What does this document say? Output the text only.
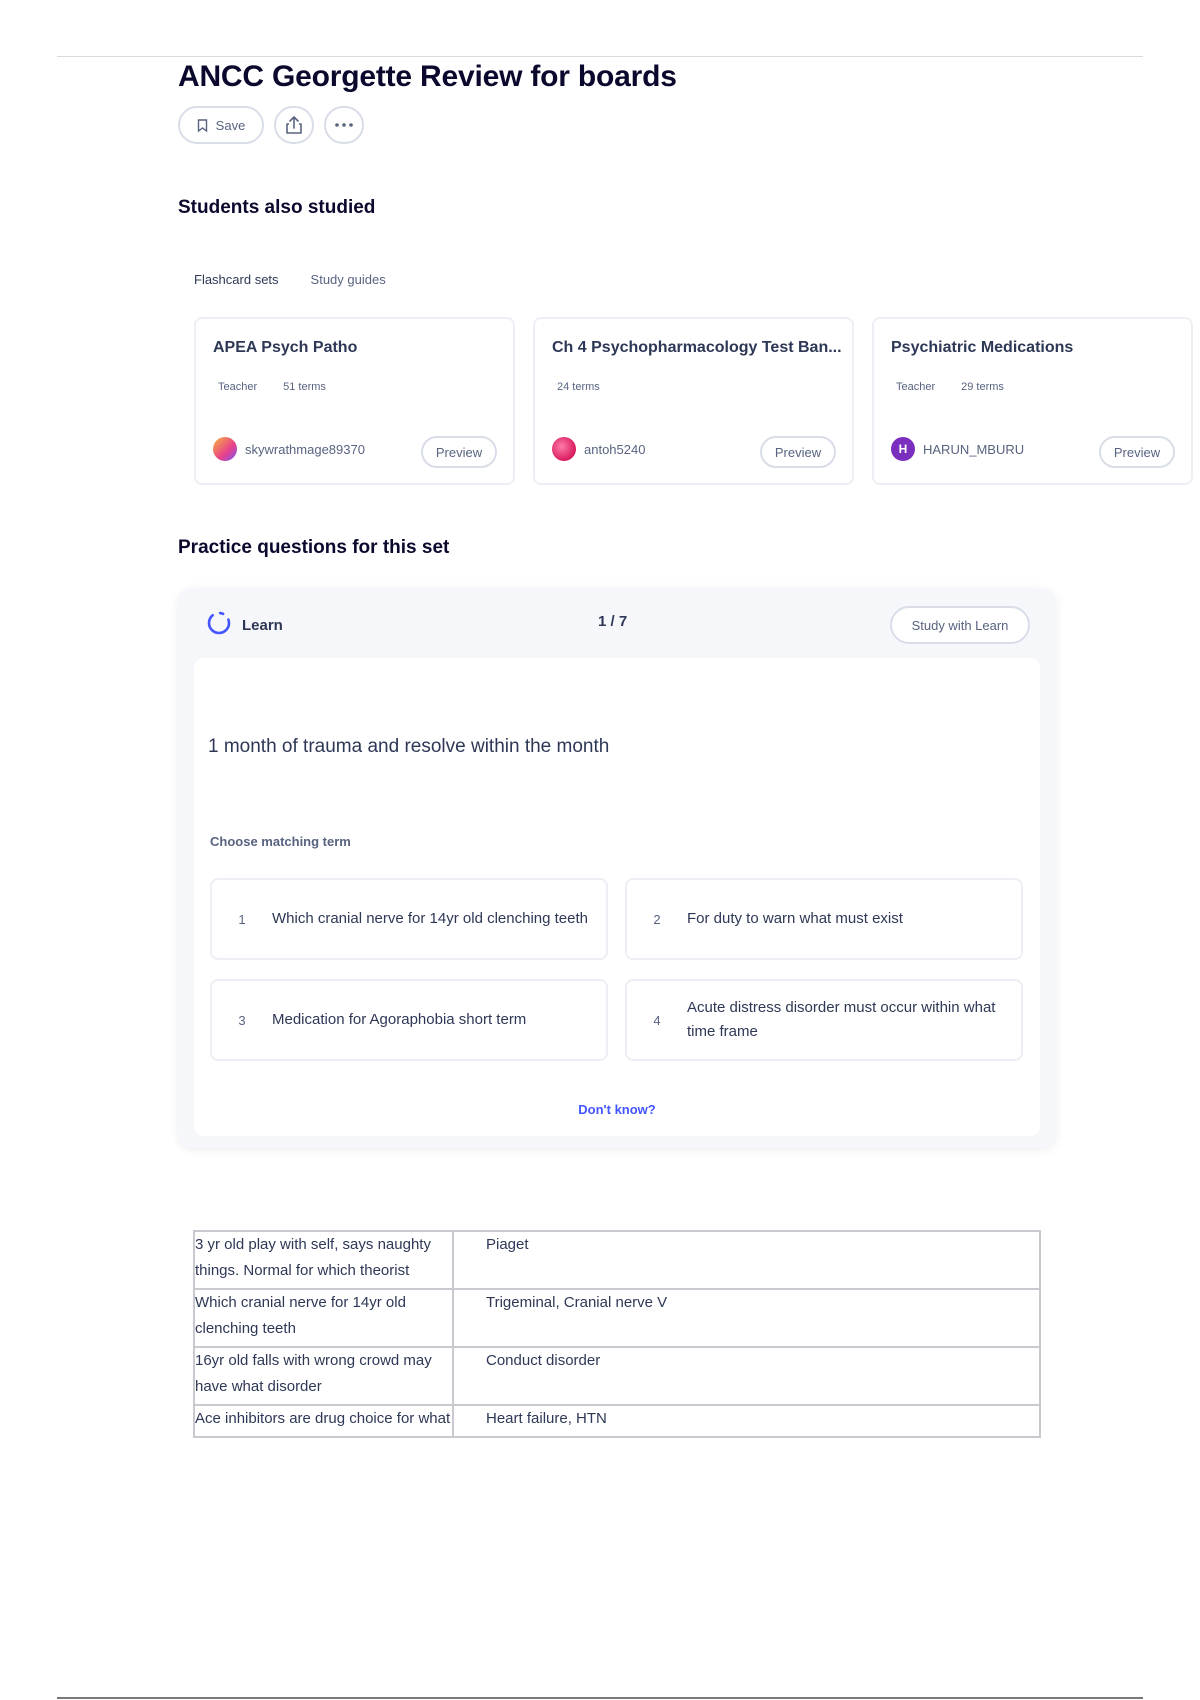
ANCC Georgette Review for boards
Save
Students also studied
Flashcard sets Study guides
APEA Psych Patho
Teacher 51 terms
skywrathmage89370	Preview
Ch 4 Psychopharmacology Test Ban...
24 terms
antoh5240	Preview
Psychiatric Medications
Teacher 29 terms
H	HARUN_MBURU	Preview
Practice questions for this set
Learn	1 / 7	Study with Learn
1 month of trauma and resolve within the month
Choose matching term
1	Which cranial nerve for 14yr old clenching teeth	2	For duty to warn what must exist
3	Medication for Agoraphobia short term	4
Acute distress disorder must occur within what time frame
Don't know?
3 yr old play with self, says naughty things. Normal for which theorist	Piaget
Which cranial nerve for 14yr old clenching teeth	Trigeminal, Cranial nerve V
16yr old falls with wrong crowd may have what disorder	Conduct disorder
Ace inhibitors are drug choice for what	Heart failure, HTN
